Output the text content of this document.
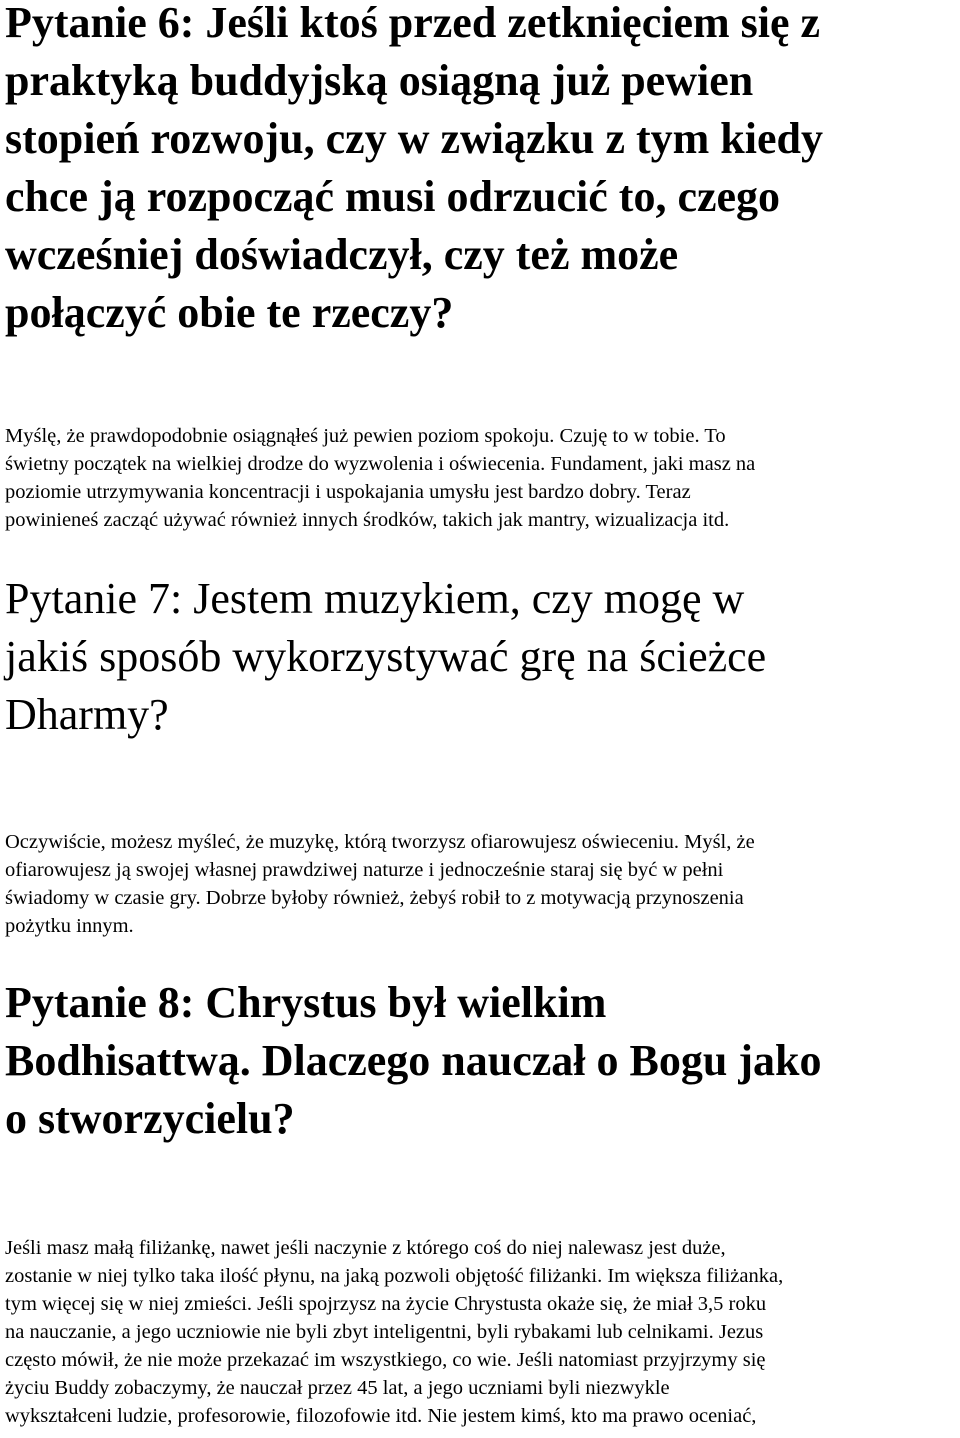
Pytanie 6: Jeśli ktoś przed zetknięciem się z
praktyką buddyjską osiągną już pewien
stopień rozwoju, czy w związku z tym kiedy
chce ją rozpocząć musi odrzucić to, czego
wcześniej doświadczył, czy też może
połączyć obie te rzeczy?

Myślę, że prawdopodobnie osiągnąłeś już pewien poziom spokoju. Czuję to w tobie. To
świetny początek na wielkiej drodze do wyzwolenia i oświecenia. Fundament, jaki masz na
poziomie utrzymywania koncentracji i uspokajania umysłu jest bardzo dobry. Teraz
powinieneś zacząć używać również innych środków, takich jak mantry, wizualizacja itd.

Pytanie 7: Jestem muzykiem, czy mogę w
jakiś sposób wykorzystywać grę na ścieżce
Dharmy?

Oczywiście, możesz myśleć, że muzykę, którą tworzysz ofiarowujesz oświeceniu. Myśl, że
ofiarowujesz ją swojej własnej prawdziwej naturze i jednocześnie staraj się być w pełni
świadomy w czasie gry. Dobrze byłoby również, żebyś robił to z motywacją przynoszenia
pożytku innym.

Pytanie 8: Chrystus był wielkim
Bodhisattwą. Dlaczego nauczał o Bogu jako
o stworzycielu?

Jeśli masz małą filiżankę, nawet jeśli naczynie z którego coś do niej nalewasz jest duże,
zostanie w niej tylko taka ilość płynu, na jaką pozwoli objętość filiżanki. Im większa filiżanka,
tym więcej się w niej zmieści. Jeśli spojrzysz na życie Chrystusta okaże się, że miał 3,5 roku
na nauczanie, a jego uczniowie nie byli zbyt inteligentni, byli rybakami lub celnikami. Jezus
często mówił, że nie może przekazać im wszystkiego, co wie. Jeśli natomiast przyjrzymy się
życiu Buddy zobaczymy, że nauczał przez 45 lat, a jego uczniami byli niezwykle
wykształceni ludzie, profesorowie, filozofowie itd. Nie jestem kimś, kto ma prawo oceniać,
